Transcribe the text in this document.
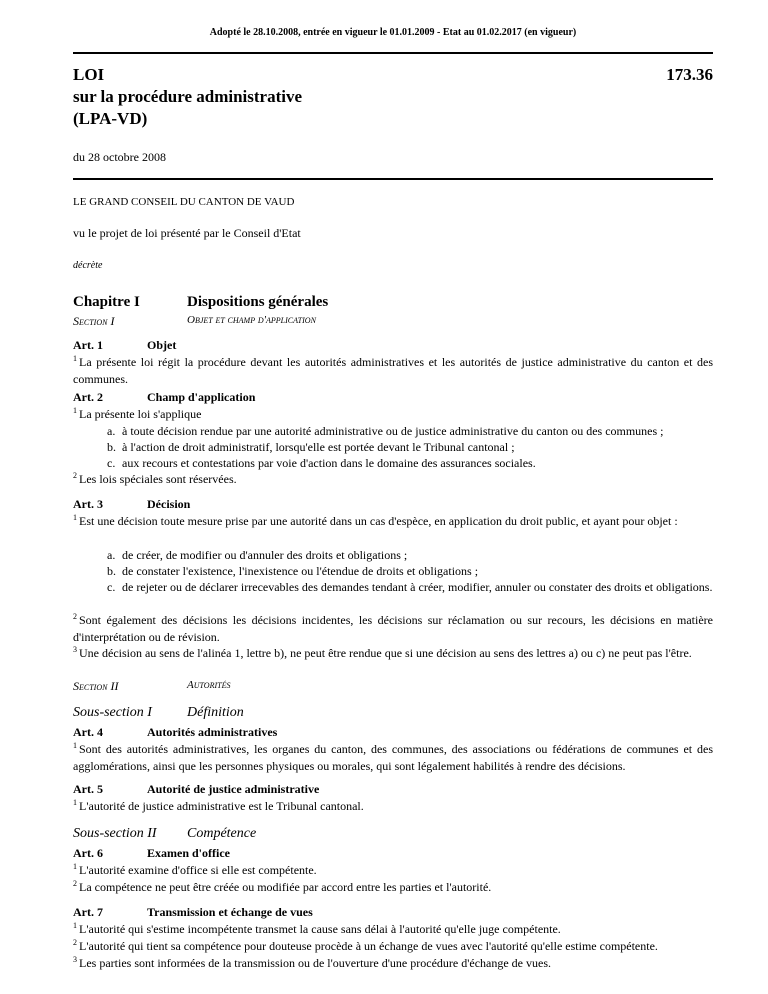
Adopté le 28.10.2008, entrée en vigueur le 01.01.2009 - Etat au 01.02.2017 (en vigueur)
LOI
sur la procédure administrative
(LPA-VD)
173.36
du 28 octobre 2008
LE GRAND CONSEIL DU CANTON DE VAUD
vu le projet de loi présenté par le Conseil d'Etat
décrète
Chapitre I	Dispositions générales
Section I	Objet et champ d'application
Art. 1	Objet
$^1$ La présente loi régit la procédure devant les autorités administratives et les autorités de justice administrative du canton et des communes.
Art. 2	Champ d'application
$^1$ La présente loi s'applique
a. à toute décision rendue par une autorité administrative ou de justice administrative du canton ou des communes ;
b. à l'action de droit administratif, lorsqu'elle est portée devant le Tribunal cantonal ;
c. aux recours et contestations par voie d'action dans le domaine des assurances sociales.
$^2$ Les lois spéciales sont réservées.
Art. 3	Décision
$^1$ Est une décision toute mesure prise par une autorité dans un cas d'espèce, en application du droit public, et ayant pour objet :
a. de créer, de modifier ou d'annuler des droits et obligations ;
b. de constater l'existence, l'inexistence ou l'étendue de droits et obligations ;
c. de rejeter ou de déclarer irrecevables des demandes tendant à créer, modifier, annuler ou constater des droits et obligations.
$^2$ Sont également des décisions les décisions incidentes, les décisions sur réclamation ou sur recours, les décisions en matière d'interprétation ou de révision.
$^3$ Une décision au sens de l'alinéa 1, lettre b), ne peut être rendue que si une décision au sens des lettres a) ou c) ne peut pas l'être.
Section II	Autorités
Sous-section I	Définition
Art. 4	Autorités administratives
$^1$ Sont des autorités administratives, les organes du canton, des communes, des associations ou fédérations de communes et des agglomérations, ainsi que les personnes physiques ou morales, qui sont légalement habilités à rendre des décisions.
Art. 5	Autorité de justice administrative
$^1$ L'autorité de justice administrative est le Tribunal cantonal.
Sous-section II Compétence
Art. 6	Examen d'office
$^1$ L'autorité examine d'office si elle est compétente.
$^2$ La compétence ne peut être créée ou modifiée par accord entre les parties et l'autorité.
Art. 7	Transmission et échange de vues
$^1$ L'autorité qui s'estime incompétente transmet la cause sans délai à l'autorité qu'elle juge compétente.
$^2$ L'autorité qui tient sa compétence pour douteuse procède à un échange de vues avec l'autorité qu'elle estime compétente.
$^3$ Les parties sont informées de la transmission ou de l'ouverture d'une procédure d'échange de vues.
